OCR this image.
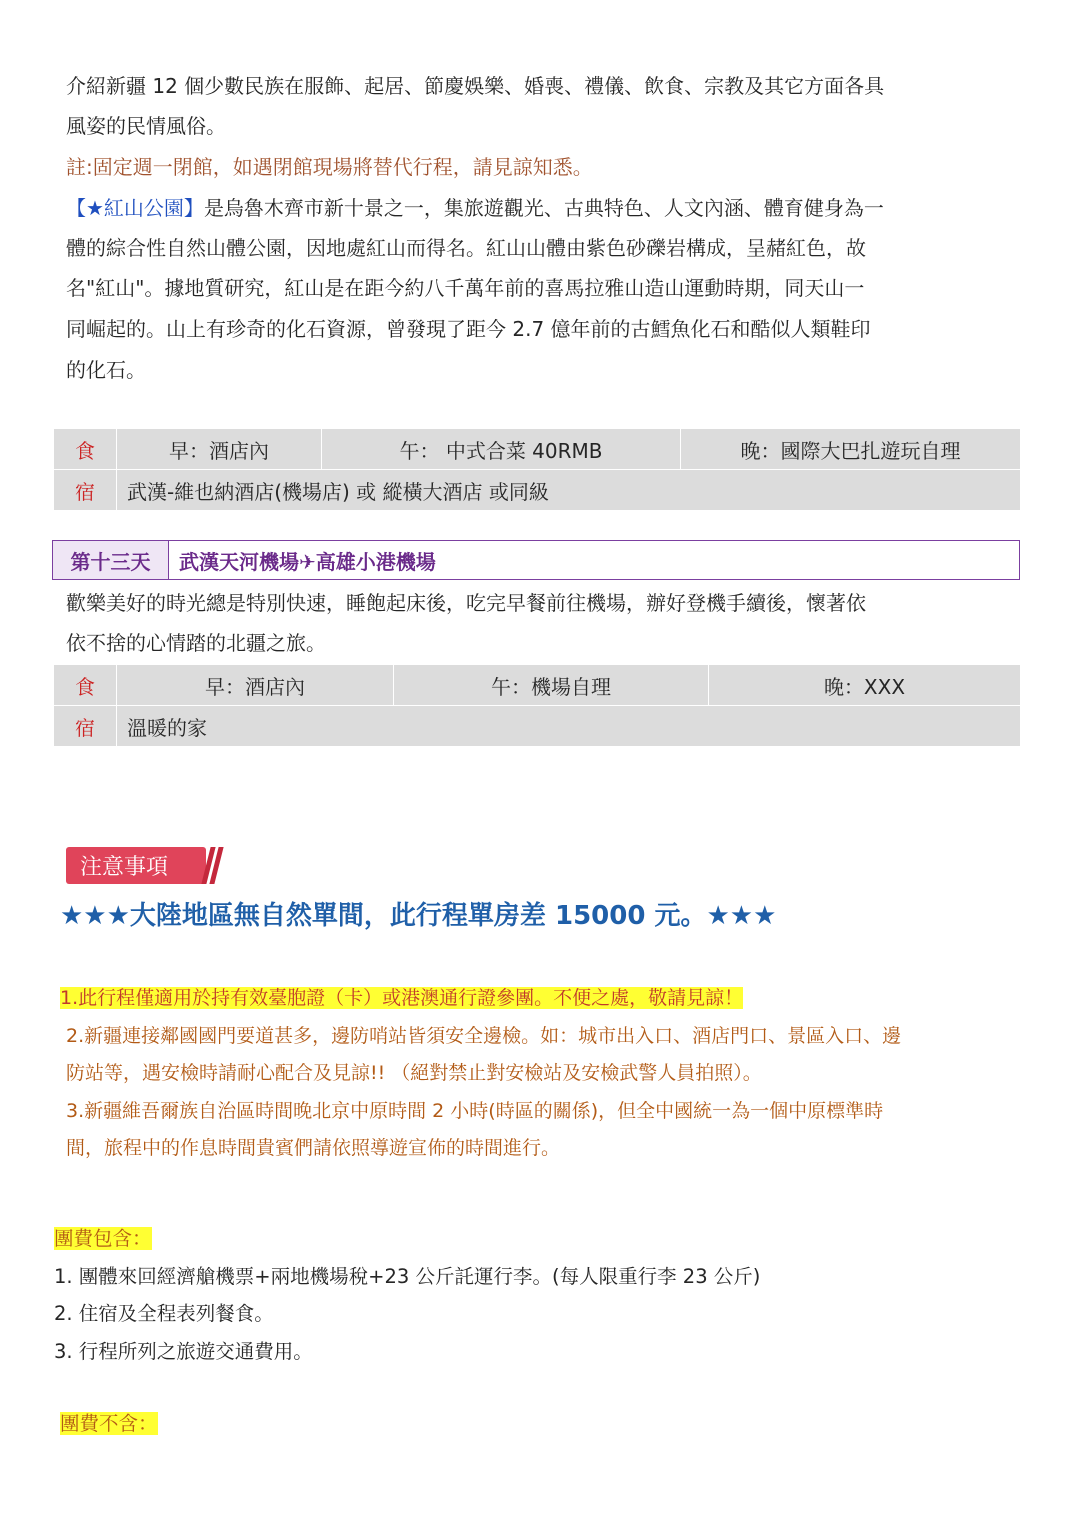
介紹新疆 12 個少數民族在服飾、起居、節慶娛樂、婚喪、禮儀、飲食、宗教及其它方面各具

風姿的民情風俗。

註:固定週一閉館，如遇閉館現場將替代行程，請見諒知悉。

【★紅山公園】是烏魯木齊市新十景之一，集旅遊觀光、古典特色、人文內涵、體育健身為一

體的綜合性自然山體公園，因地處紅山而得名。紅山山體由紫色砂礫岩構成，呈赭紅色，故

名"紅山"。據地質研究，紅山是在距今約八千萬年前的喜馬拉雅山造山運動時期，同天山一

同崛起的。山上有珍奇的化石資源，曾發現了距今 2.7 億年前的古鱈魚化石和酷似人類鞋印

的化石。

食	早：酒店內	午： 中式合菜 40RMB	晚：國際大巴扎遊玩自理
宿	武漢-維也納酒店(機場店) 或 縱橫大酒店 或同級		
第十三天	武漢天河機場✈高雄小港機場

歡樂美好的時光總是特別快速，睡飽起床後，吃完早餐前往機場，辦好登機手續後，懷著依

依不捨的心情踏的北疆之旅。

食	早：酒店內	午：機場自理	晚：XXX
宿	溫暖的家		
注意事項

★★★大陸地區無自然單間，此行程單房差 15000 元。★★★

1.此行程僅適用於持有效臺胞證（卡）或港澳通行證參團。不便之處，敬請見諒！

2.新疆連接鄰國國門要道甚多，邊防哨站皆須安全邊檢。如：城市出入口、酒店門口、景區入口、邊

防站等，遇安檢時請耐心配合及見諒!! （絕對禁止對安檢站及安檢武警人員拍照）。

3.新疆維吾爾族自治區時間晚北京中原時間 2 小時(時區的關係)，但全中國統一為一個中原標準時

間，旅程中的作息時間貴賓們請依照導遊宣佈的時間進行。

團費包含：

1. 團體來回經濟艙機票+兩地機場稅+23 公斤託運行李。(每人限重行李 23 公斤)

2. 住宿及全程表列餐食。

3. 行程所列之旅遊交通費用。

團費不含：
